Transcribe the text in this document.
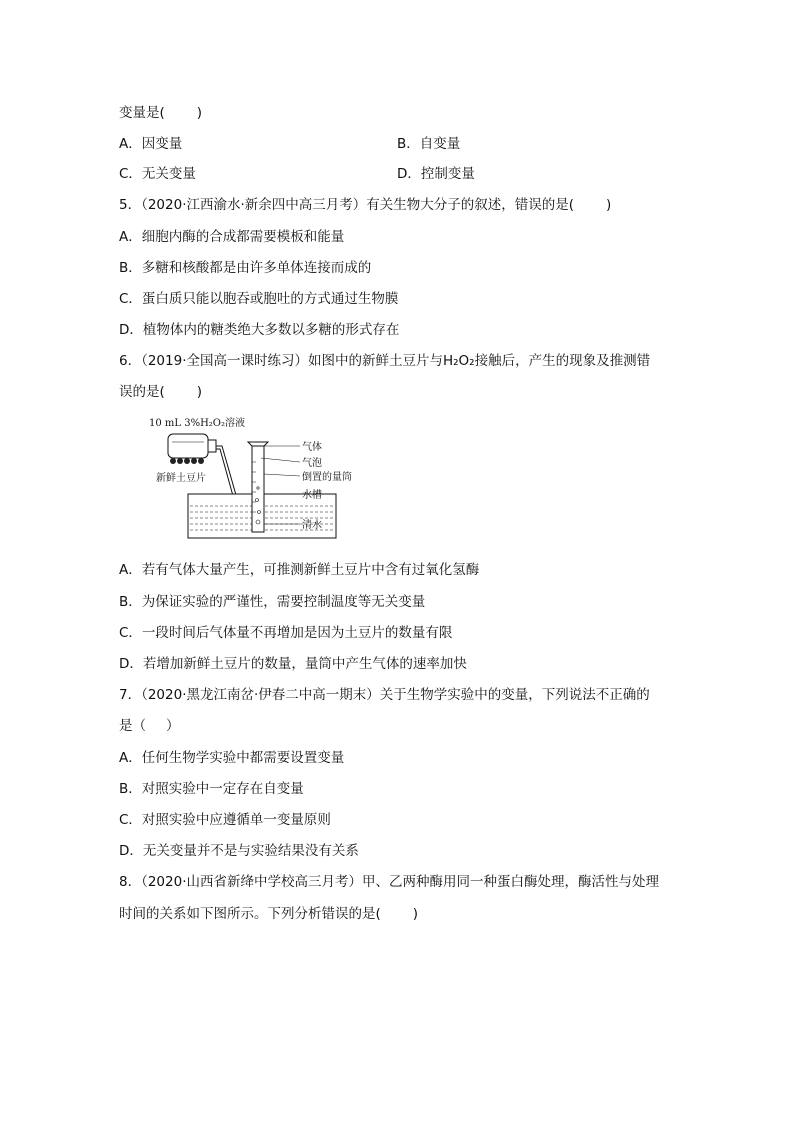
变量是( )
A．因变量	B．自变量
C．无关变量	D．控制变量
5．（2020·江西渝水·新余四中高三月考）有关生物大分子的叙述，错误的是( )
A．细胞内酶的合成都需要模板和能量
B．多糖和核酸都是由许多单体连接而成的
C．蛋白质只能以胞吞或胞吐的方式通过生物膜
D．植物体内的糖类绝大多数以多糖的形式存在
6．（2019·全国高一课时练习）如图中的新鲜土豆片与H₂O₂接触后，产生的现象及推测错
误的是( )
10 mL 3%H₂O₂溶液
新鲜土豆片
气体
气泡
倒置的量筒
水槽
清水
A．若有气体大量产生，可推测新鲜土豆片中含有过氧化氢酶
B．为保证实验的严谨性，需要控制温度等无关变量
C．一段时间后气体量不再增加是因为土豆片的数量有限
D．若增加新鲜土豆片的数量，量筒中产生气体的速率加快
7．（2020·黑龙江南岔·伊春二中高一期末）关于生物学实验中的变量，下列说法不正确的
是（ ）
A．任何生物学实验中都需要设置变量
B．对照实验中一定存在自变量
C．对照实验中应遵循单一变量原则
D．无关变量并不是与实验结果没有关系
8．（2020·山西省新绛中学校高三月考）甲、乙两种酶用同一种蛋白酶处理，酶活性与处理
时间的关系如下图所示。下列分析错误的是( )
